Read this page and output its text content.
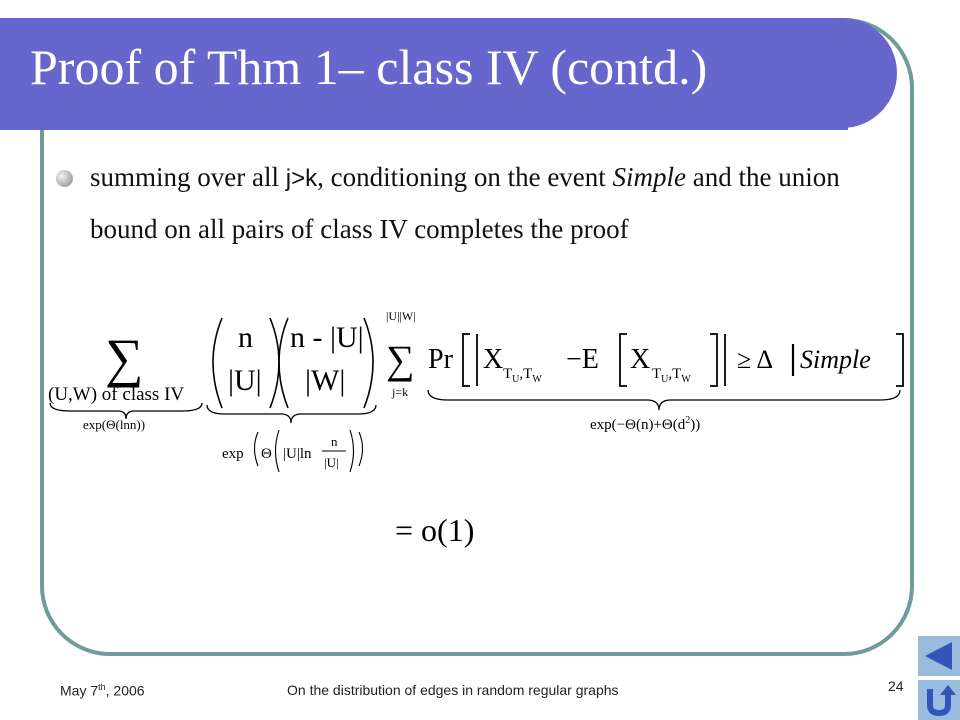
Proof of Thm 1– class IV (contd.)
summing over all j>k, conditioning on the event Simple and the union bound on all pairs of class IV completes the proof
∑
(U,W) of class IV
exp(Θ(lnn))
n
|U|
n - |U|
|W|
exp Θ |U|ln
n
|U|
|U||W|
∑
j=k
Pr X $T_U,T_W$
−E X $T_U,T_W$
≥ Δ Simple
$\exp(-\Theta(n)+\Theta(d^2))$
= o(1)
May 7th, 2006	On the distribution of edges in random regular graphs	24
